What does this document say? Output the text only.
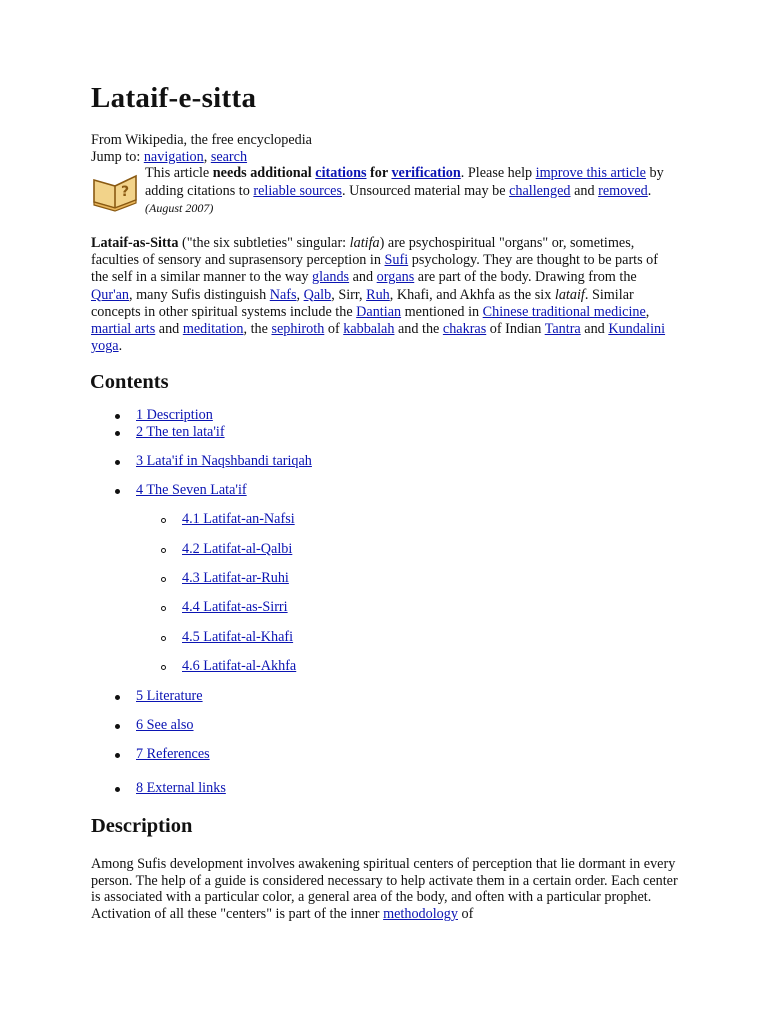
Lataif-e-sitta
From Wikipedia, the free encyclopedia
Jump to: navigation, search
?
This article needs additional citations for verification. Please help improve this article by adding citations to reliable sources. Unsourced material may be challenged and removed. (August 2007)
Lataif-as-Sitta ("the six subtleties" singular: latifa) are psychospiritual "organs" or, sometimes, faculties of sensory and suprasensory perception in Sufi psychology. They are thought to be parts of the self in a similar manner to the way glands and organs are part of the body. Drawing from the Qur'an, many Sufis distinguish Nafs, Qalb, Sirr, Ruh, Khafi, and Akhfa as the six lataif. Similar concepts in other spiritual systems include the Dantian mentioned in Chinese traditional medicine, martial arts and meditation, the sephiroth of kabbalah and the chakras of Indian Tantra and Kundalini yoga.
Contents
1 Description
2 The ten lata'if
3 Lata'if in Naqshbandi tariqah
4 The Seven Lata'if
4.1 Latifat-an-Nafsi
4.2 Latifat-al-Qalbi
4.3 Latifat-ar-Ruhi
4.4 Latifat-as-Sirri
4.5 Latifat-al-Khafi
4.6 Latifat-al-Akhfa
5 Literature
6 See also
7 References
8 External links
Description
Among Sufis development involves awakening spiritual centers of perception that lie dormant in every person. The help of a guide is considered necessary to help activate them in a certain order. Each center is associated with a particular color, a general area of the body, and often with a particular prophet. Activation of all these "centers" is part of the inner methodology of
